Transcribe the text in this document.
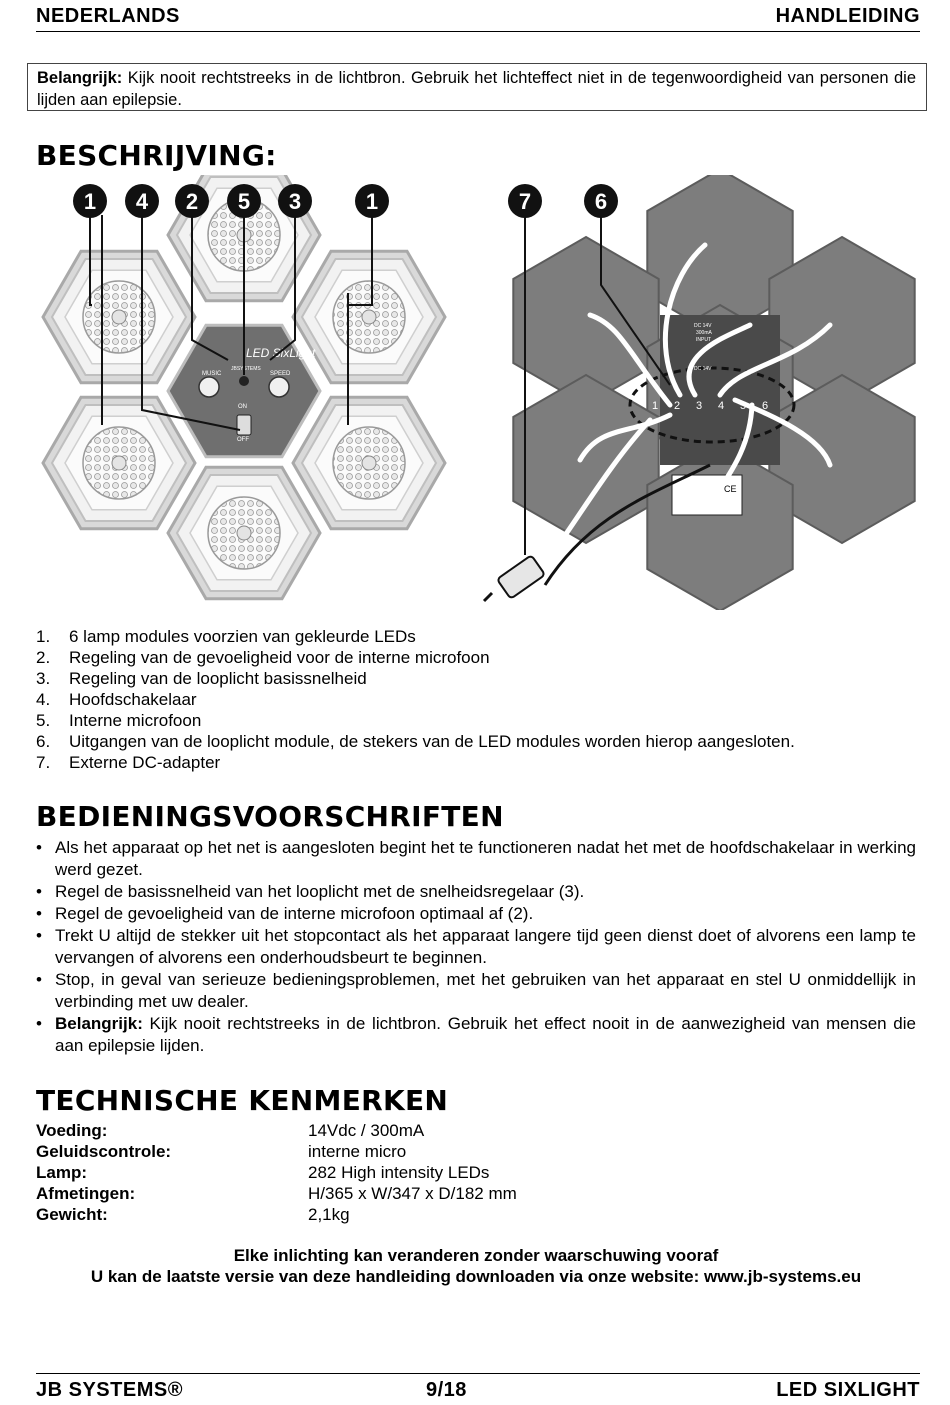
NEDERLANDS	HANDLEIDING
Belangrijk: Kijk nooit rechtstreeks in de lichtbron. Gebruik het lichteffect niet in de tegenwoordigheid van personen die lijden aan epilepsie.
BESCHRIJVING:
LED SixLight
JBSYSTEMS
MUSIC	SPEED
ON
OFF
DC 14V
300mA
INPUT
DC 14V
1 2 3 4 5 6
CE
1 4 2 5 3	1	7	6
1.	6 lamp modules voorzien van gekleurde LEDs
2.	Regeling van de gevoeligheid voor de interne microfoon
3.	Regeling van de looplicht basissnelheid
4.	Hoofdschakelaar
5.	Interne microfoon
6.	Uitgangen van de looplicht module, de stekers van de LED modules worden hierop aangesloten.
7.	Externe DC-adapter
BEDIENINGSVOORSCHRIFTEN
• Als het apparaat op het net is aangesloten begint het te functioneren nadat het met de hoofdschakelaar in werking werd gezet.
• Regel de basissnelheid van het looplicht met de snelheidsregelaar (3).
• Regel de gevoeligheid van de interne microfoon optimaal af (2).
• Trekt U altijd de stekker uit het stopcontact als het apparaat langere tijd geen dienst doet of alvorens een lamp te vervangen of alvorens een onderhoudsbeurt te beginnen.
• Stop, in geval van serieuze bedieningsproblemen, met het gebruiken van het apparaat en stel U onmiddellijk in verbinding met uw dealer.
• Belangrijk: Kijk nooit rechtstreeks in de lichtbron. Gebruik het effect nooit in de aanwezigheid van mensen die aan epilepsie lijden.
TECHNISCHE KENMERKEN
Voeding:	14Vdc / 300mA
Geluidscontrole:	interne micro
Lamp:	282 High intensity LEDs
Afmetingen:	H/365 x W/347 x D/182 mm
Gewicht:	2,1kg
Elke inlichting kan veranderen zonder waarschuwing vooraf
U kan de laatste versie van deze handleiding downloaden via onze website: www.jb-systems.eu
JB SYSTEMS®	9/18	LED SIXLIGHT
